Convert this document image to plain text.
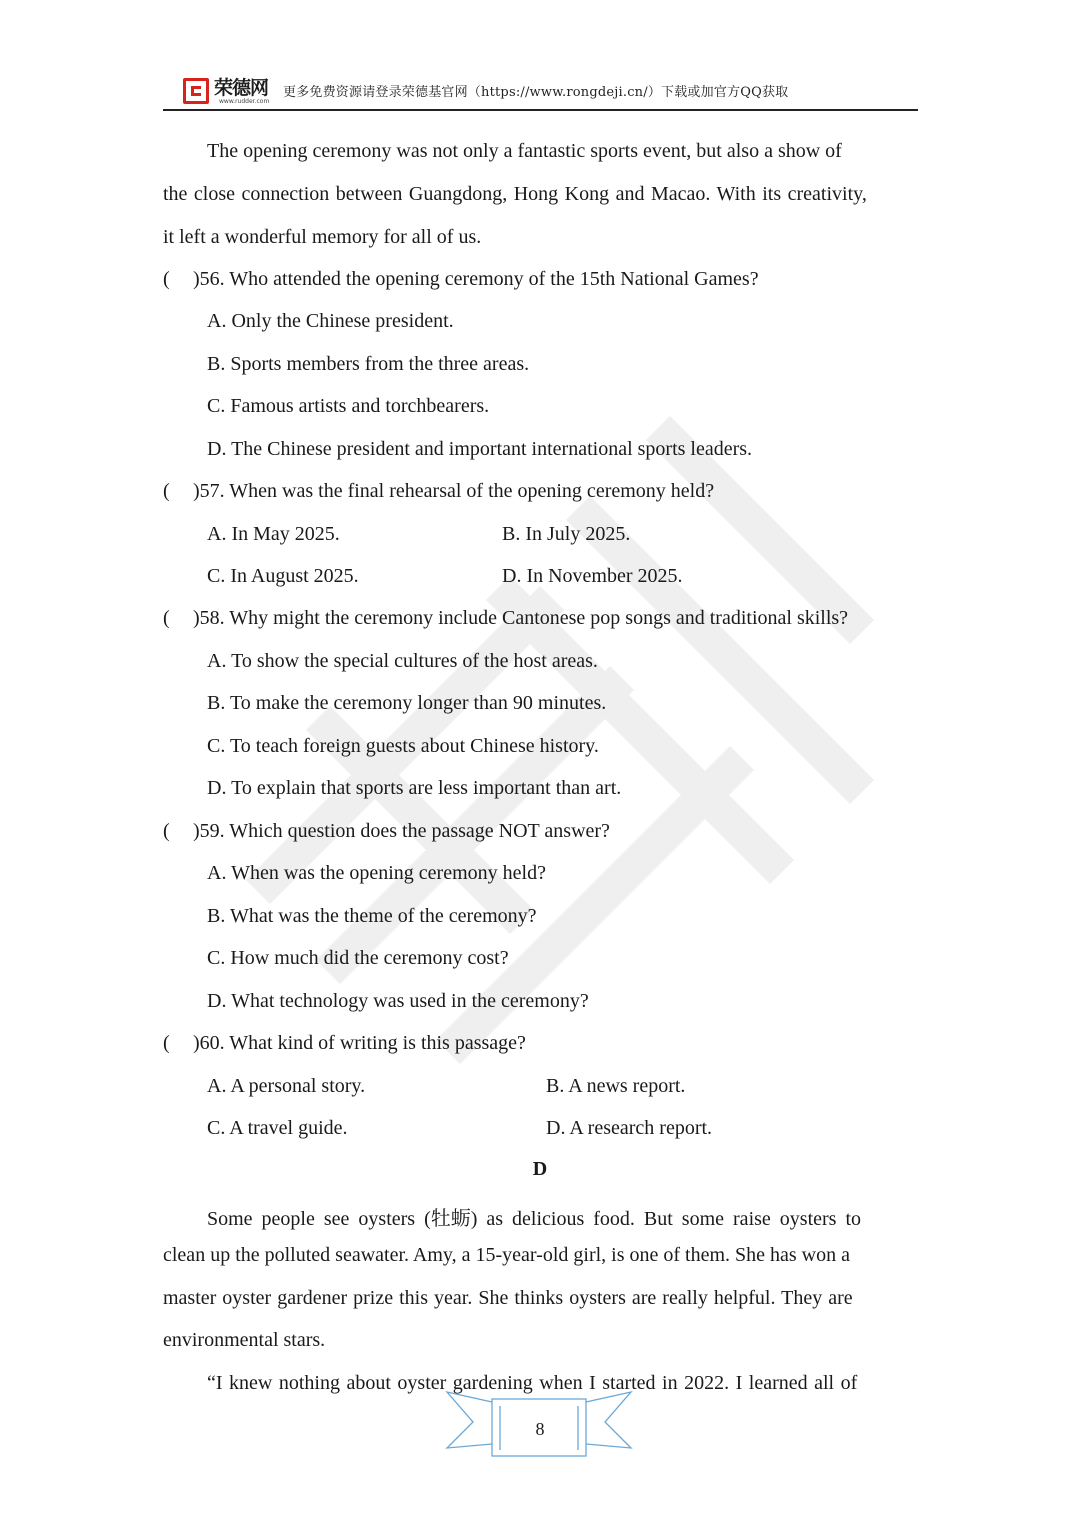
荣德网
www.rudder.com
更多免费资源请登录荣德基官网（https://www.rongdeji.cn/）下载或加官方QQ获取
The opening ceremony was not only a fantastic sports event, but also a show of
the close connection between Guangdong, Hong Kong and Macao. With its creativity,
it left a wonderful memory for all of us.
( )56. Who attended the opening ceremony of the 15th National Games?
A. Only the Chinese president.
B. Sports members from the three areas.
C. Famous artists and torchbearers.
D. The Chinese president and important international sports leaders.
( )57. When was the final rehearsal of the opening ceremony held?
A. In May 2025.	B. In July 2025.
C. In August 2025.	D. In November 2025.
( )58. Why might the ceremony include Cantonese pop songs and traditional skills?
A. To show the special cultures of the host areas.
B. To make the ceremony longer than 90 minutes.
C. To teach foreign guests about Chinese history.
D. To explain that sports are less important than art.
( )59. Which question does the passage NOT answer?
A. When was the opening ceremony held?
B. What was the theme of the ceremony?
C. How much did the ceremony cost?
D. What technology was used in the ceremony?
( )60. What kind of writing is this passage?
A. A personal story.	B. A news report.
C. A travel guide.	D. A research report.
D
Some people see oysters (牡蛎) as delicious food. But some raise oysters to
clean up the polluted seawater. Amy, a 15-year-old girl, is one of them. She has won a
master oyster gardener prize this year. She thinks oysters are really helpful. They are
environmental stars.
“I knew nothing about oyster gardening when I started in 2022. I learned all of
8
